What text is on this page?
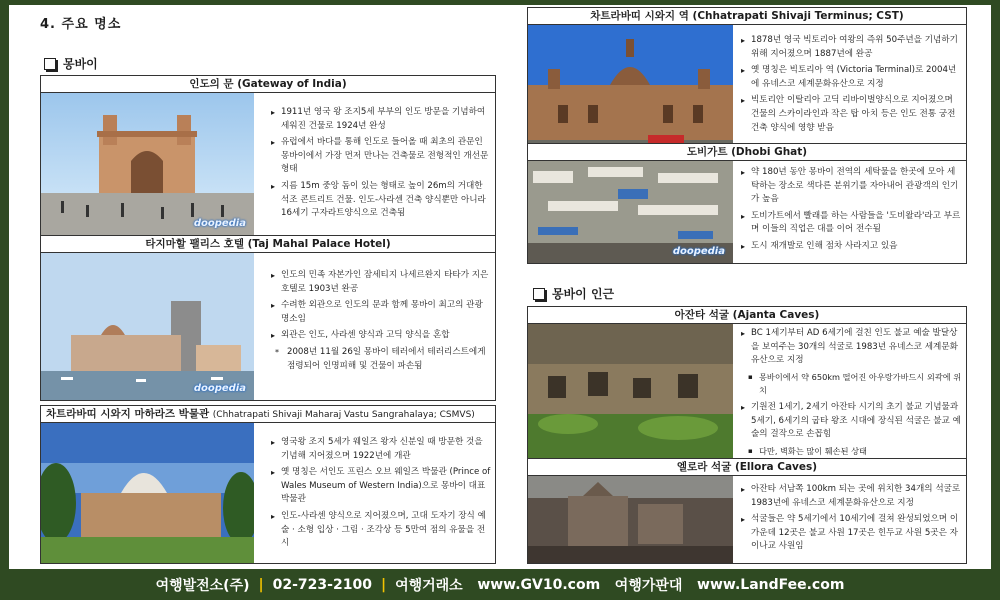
4. 주요 명소
몽바이
인도의 문 (Gateway of India)
doopedia
▸ 1911년 영국 왕 조지5세 부부의 인도 방문을 기념하여 세워진 건물로 1924년 완성
▸ 유럽에서 바다를 통해 인도로 들어올 때 최초의 관문인 몽바이에서 가장 먼저 만나는 건축물로 전형적인 개선문 형태
▸ 지름 15m 중앙 돔이 있는 형태로 높이 26m의 거대한 석조 콘트리트 건물. 인도-사라센 건축 양식뿐만 아니라 16세기 구자라트양식으로 건축됨
타지마할 팰리스 호텔 (Taj Mahal Palace Hotel)
doopedia
▸ 인도의 민족 자본가인 잠세티지 나세르완지 타타가 지은 호텔로 1903년 완공
▸ 수려한 외관으로 인도의 문과 함께 몽바이 최고의 관광 명소임
▸ 외관은 인도, 사라센 양식과 고딕 양식을 혼합
* 2008년 11월 26일 몽바이 테러에서 테러리스트에게 점령되어 인명피해 및 건물이 파손됨
차트라바띠 시와지 마하라즈 박물관 (Chhatrapati Shivaji Maharaj Vastu Sangrahalaya; CSMVS)
▸ 영국왕 조지 5세가 웨일즈 왕자 신분일 때 방문한 것을 기념해 지어졌으며 1922년에 개관
▸ 옛 명칭은 서인도 프린스 오브 웨일즈 박물관 (Prince of Wales Museum of Western India)으로 몽바이 대표 박물관
▸ 인도-사라센 양식으로 지어졌으며, 고대 도자기 장식 예술 · 소형 입상 · 그림 · 조각상 등 5만여 점의 유물을 전시
차트라바띠 시와지 역 (Chhatrapati Shivaji Terminus; CST)
▸ 1878년 영국 빅토리아 여왕의 즉위 50주년을 기념하기 위해 지어졌으며 1887년에 완공
▸ 옛 명칭은 빅토리아 역 (Victoria Terminal)로 2004년에 유네스코 세계문화유산으로 지정
▸ 빅토리안 이탈리아 고딕 리바이벌양식으로 지어졌으며 건물의 스카이라인과 작은 탑 아치 등은 인도 전통 궁전 건축 양식에 영향 받음
도비가트 (Dhobi Ghat)
doopedia
▸ 약 180년 동안 몽바이 전역의 세탁물을 한곳에 모아 세탁하는 장소로 색다른 분위기를 자아내어 관광객의 인기가 높음
▸ 도비가트에서 빨래를 하는 사람들을 '도비왈라'라고 부르며 이들의 직업은 대를 이어 전수됨
▸ 도시 재개발로 인해 점차 사라지고 있음
몽바이 인근
아잔타 석굴 (Ajanta Caves)
▸ BC 1세기부터 AD 6세기에 걸친 인도 불교 예술 발달상을 보여주는 30개의 석굴로 1983년 유네스코 세계문화유산으로 지정
▪ 몽바이에서 약 650km 떨어진 아우랑가바드시 외곽에 위치
▸ 기원전 1세기, 2세기 아잔타 시기의 초기 불교 기념물과 5세기, 6세기의 굽타 왕조 시대에 장식된 석굴은 불교 예술의 걸작으로 손꼽힘
▪ 다만, 벽화는 많이 훼손된 상태
엘로라 석굴 (Ellora Caves)
▸ 아잔타 서남쪽 100km 되는 곳에 위치한 34개의 석굴로 1983년에 유네스코 세계문화유산으로 지정
▸ 석굴들은 약 5세기에서 10세기에 걸쳐 완성되었으며 이 가운데 12곳은 불교 사원 17곳은 힌두교 사원 5곳은 자이나교 사원임
여행발전소(주) | 02-723-2100 | 여행거래소
www.GV10.com
여행가판대
www.LandFee.com
